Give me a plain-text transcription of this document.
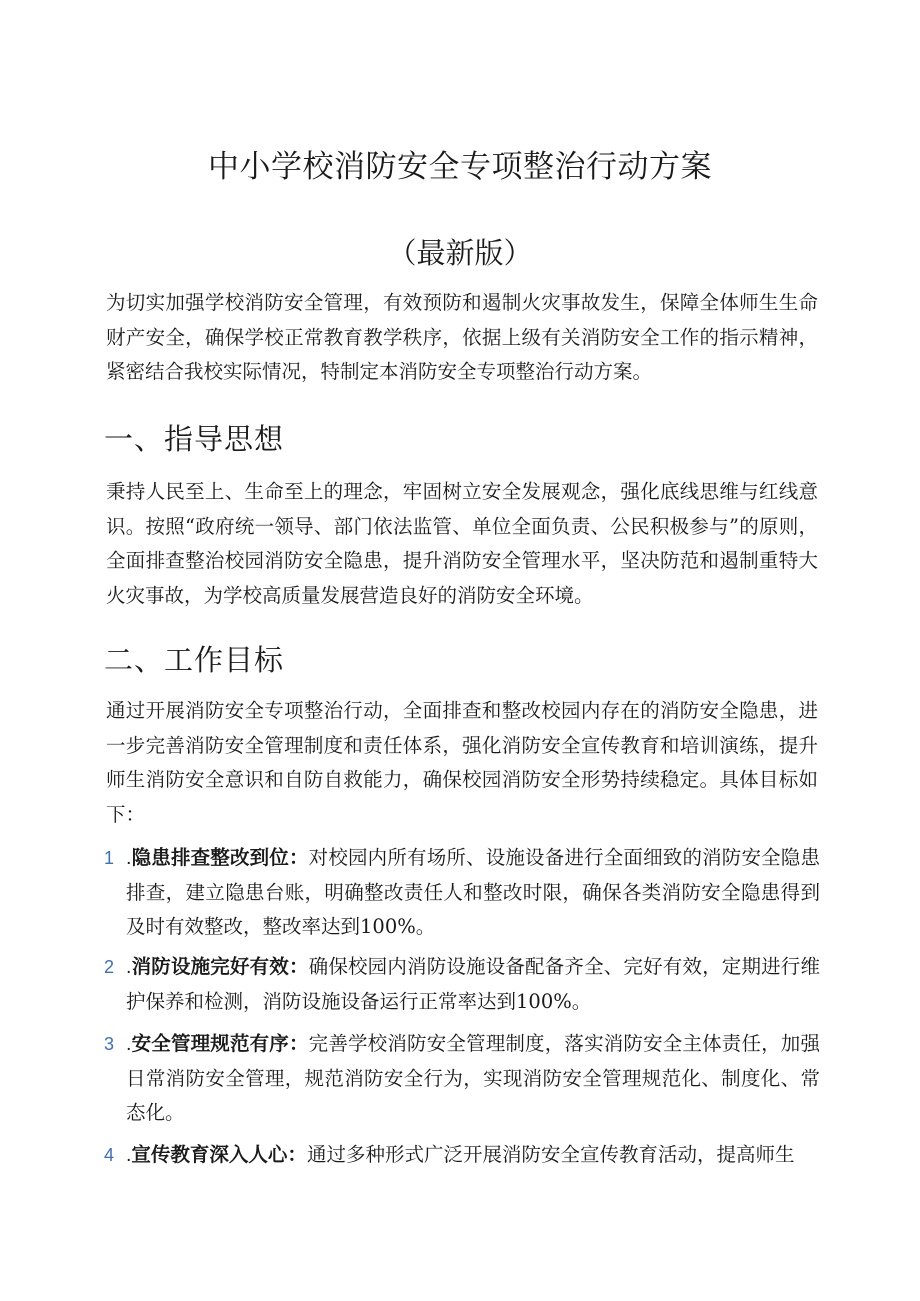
中小学校消防安全专项整治行动方案
（最新版）

为切实加强学校消防安全管理，有效预防和遏制火灾事故发生，保障全体师生生命财产安全，确保学校正常教育教学秩序，依据上级有关消防安全工作的指示精神，紧密结合我校实际情况，特制定本消防安全专项整治行动方案。

一、指导思想

秉持人民至上、生命至上的理念，牢固树立安全发展观念，强化底线思维与红线意识。按照“政府统一领导、部门依法监管、单位全面负责、公民积极参与”的原则，全面排查整治校园消防安全隐患，提升消防安全管理水平，坚决防范和遏制重特大火灾事故，为学校高质量发展营造良好的消防安全环境。

二、工作目标

通过开展消防安全专项整治行动，全面排查和整改校园内存在的消防安全隐患，进一步完善消防安全管理制度和责任体系，强化消防安全宣传教育和培训演练，提升师生消防安全意识和自防自救能力，确保校园消防安全形势持续稳定。具体目标如下：

1 .隐患排查整改到位：对校园内所有场所、设施设备进行全面细致的消防安全隐患排查，建立隐患台账，明确整改责任人和整改时限，确保各类消防安全隐患得到及时有效整改，整改率达到100%。
2 .消防设施完好有效：确保校园内消防设施设备配备齐全、完好有效，定期进行维护保养和检测，消防设施设备运行正常率达到100%。
3 .安全管理规范有序：完善学校消防安全管理制度，落实消防安全主体责任，加强日常消防安全管理，规范消防安全行为，实现消防安全管理规范化、制度化、常态化。
4 .宣传教育深入人心：通过多种形式广泛开展消防安全宣传教育活动，提高师生
